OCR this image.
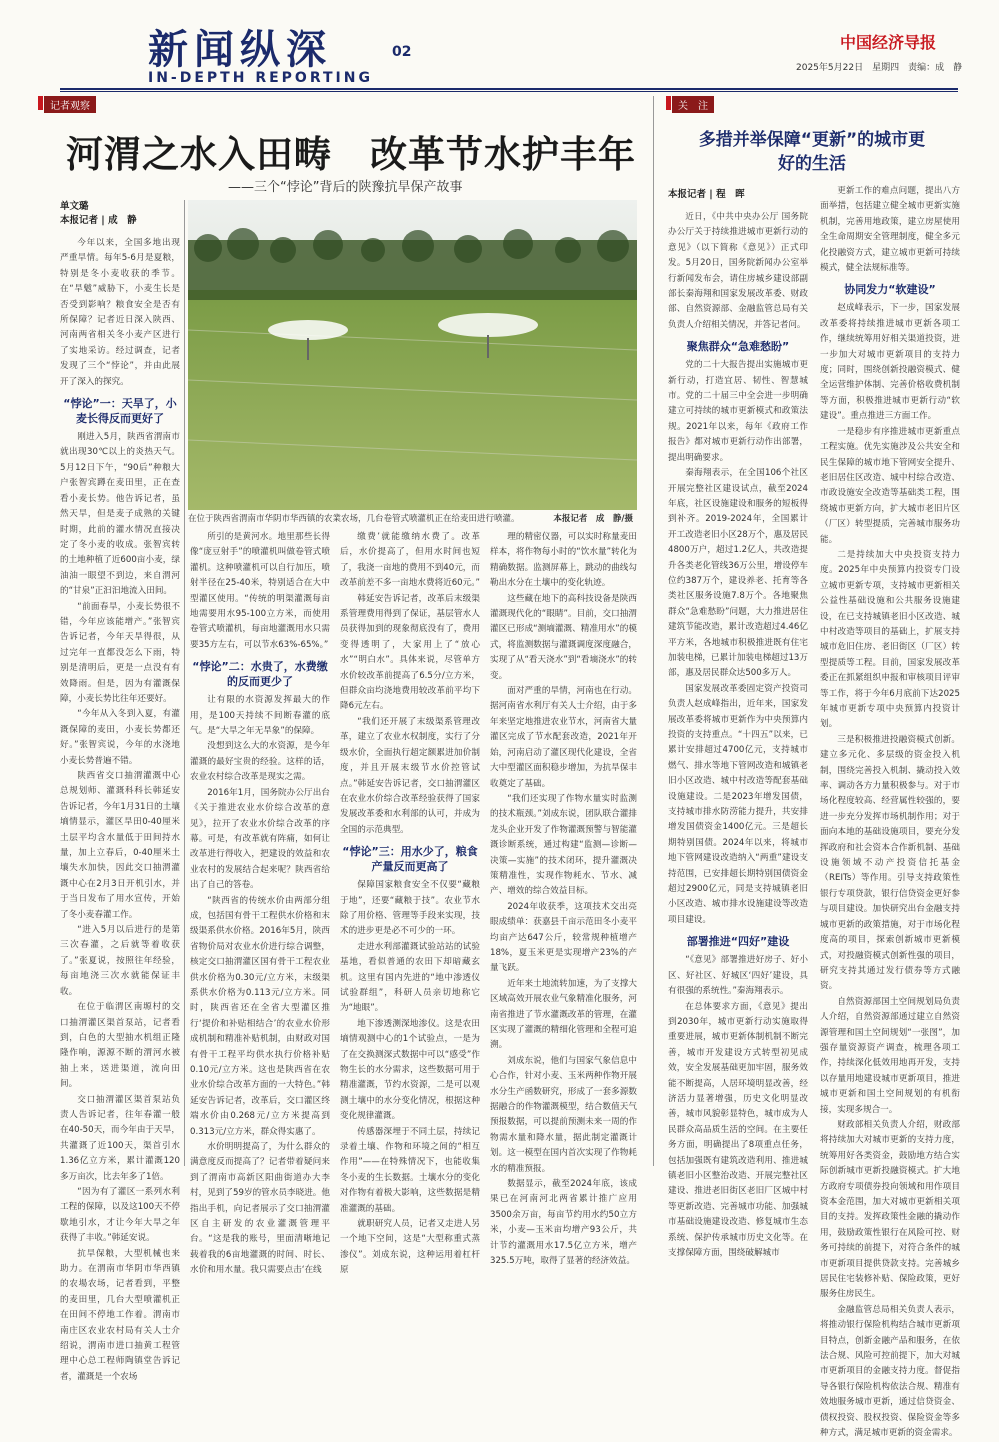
新闻纵深	02
IN-DEPTH REPORTING
中国经济导报
2025年5月22日　星期四　责编：成　静
记者观察
河渭之水入田畴　改革节水护丰年
——三个“悖论”背后的陕豫抗旱保产故事
在位于陕西省渭南市华阴市华西镇的农業农场，几台卷管式喷灌机正在给麦田进行喷灌。	本报记者　成　静/摄
单文璐
本报记者 | 成　静

今年以来，全国多地出现严重旱情。每年5-6月是夏粮，特别是冬小麦收获的季节。在“旱魃”威胁下，小麦生长是否受到影响？粮食安全是否有所保障？记者近日深入陕西、河南两省相关冬小麦产区进行了实地采访。经过调查，记者发现了三个“悖论”，并由此展开了深入的探究。

“悖论”一：天旱了，小麦长得反而更好了

刚进入5月，陕西省渭南市就出现30℃以上的炎热天气。5月12日下午，“90后”种粮大户张智宾蹲在麦田里，正在查看小麦长势。他告诉记者，虽然天旱，但是麦子成熟的关键时期，此前的灌水情况直接决定了冬小麦的收成。张智宾转的土地种植了近600亩小麦，绿油油一眼望不到边，来自渭河的“甘泉”正汩汩地流入田间。

“前面春旱，小麦长势很不错，今年应该能增产。”张智宾告诉记者，今年天旱得很，从过完年一直都没怎么下雨，特别是清明后，更是一点没有有效降雨。但是，因为有灌溉保障，小麦长势比往年还要好。

“今年从入冬到入夏，有灌溉保障的麦田，小麦长势都还好。”张智宾说，今年的水浇地小麦长势普遍不错。

陕西省交口抽渭灌溉中心总规划师、灌溉科科长韩延安告诉记者，今年1月31日的土壤墒情显示，灌区旱田0-40厘米土层平均含水量低于田间持水量，加上立春后，0-40厘米土壤失水加快，因此交口抽渭灌溉中心在2月3日开机引水，并于当日发布了用水宣传，开始了冬小麦春灌工作。

“进入5月以后进行的是第三次春灌，之后就等着收获了。”张夏说，按照往年经验，每亩地浇三次水就能保证丰收。

在位于临渭区南塬村的交口抽渭灌区渠首泵站，记者看到，白色的大型抽水机组正隆隆作响，源源不断的渭河水被抽上来，送进渠道，流向田间。

交口抽渭灌区渠首泵站负责人告诉记者，往年春灌一般在40-50天，而今年由于天旱，共灌溉了近100天，渠首引水1.36亿立方米，累计灌溉120多万亩次，比去年多了1倍。

“因为有了灌区一系列水利工程的保障，以及这100天不停歇地引水，才让今年大旱之年获得了丰收。”韩延安说。

抗旱保粮，大型机械也来助力。在渭南市华阴市华西镇的农場农场，记者看到，平整的麦田里，几台大型喷灌机正在田间不停地工作着。渭南市南庄区农业农村局有关人士介绍说，渭南市进口抽黄工程管理中心总工程师陶镇堂告诉记者，灌溉是一个农场

所引的是黄河水。地里那些长得像“庞豆射手”的喷灌机叫做卷管式喷灌机。这种喷灌机可以自行加压，喷射半径在25-40米，特别适合在大中型灌区使用。“传统的明渠灌溉每亩地需要用水95-100立方米，而使用卷管式喷灌机，每亩地灌溉用水只需要35方左右，可以节水63%-65%。”

“悖论”二：水贵了，水费缴的反而更少了

让有限的水资源发挥最大的作用，是100天持续不间断春灌的底气。是“大旱之年无旱象”的保障。

没想到这么大的水资源，是今年灌溉的最好宝贵的经验。这样的话，农业农村综合改革是现实之需。

2016年1月，国务院办公厅出台《关于推进农业水价综合改革的意见》，拉开了农业水价综合改革的序幕。可是，有改革就有阵痛，如何让改革进行得收入，把建设的效益和农业农村的发展结合起来呢？陕西省给出了自己的答卷。

“陕西省的传统水价由两部分组成，包括国有骨干工程供水价格和末级渠系供水价格。2016年5月，陕西省物价局对农业水价进行综合调整，核定交口抽渭灌区国有骨干工程农业供水价格为0.30元/立方米，末级渠系供水价格为0.113元/立方米。同时，陕西省还在全省大型灌区推行‘提价和补贴相结合’的农业水价形成机制和精准补贴机制，由财政对国有骨干工程平均供水执行价格补贴0.10元/立方米。这也是陕西省在农业水价综合改革方面的一大特色。”韩延安告诉记者，改革后，交口灌区终端水价由0.268元/立方米提高到0.313元/立方米，群众得实惠了。

水价明明提高了，为什么群众的满意度反而提高了？记者带着疑问来到了渭南市高新区阳曲街道办大李村，见到了59岁的管水员李晓进。他指出手机，向记者展示了交口抽渭灌区自主研发的农业灌溉管理平台。“这是我的账号，里面清晰地记载着我的6亩地灌溉的时间、时长、水价和用水量。我只需要点击‘在线

缴费’就能缴纳水费了。改革后，水价提高了，但用水时间也短了，我浇一亩地的费用不到40元，而改革前差不多一亩地水费将近60元。”

韩延安告诉记者，改革后末级渠系管理费用得到了保证，基层管水人员获得加到的现象彻底没有了，费用变得透明了，大家用上了“放心水”“明白水”。具体来说，尽管单方水价较改革前提高了6.5分/立方米，但群众亩均浇地费用较改革前平均下降6元左右。

“我们还开展了末级渠系管理改革，建立了农业水权制度，实行了分级水价，全面执行超定额累进加价制度，并且开展末级节水价控管试点。”韩延安告诉记者，交口抽渭灌区在农业水价综合改革经验获得了国家发展改革委和水利部的认可，并成为全国的示范典型。

“悖论”三：用水少了，粮食产量反而更高了

保障国家粮食安全不仅要“藏粮于地”，还要“藏粮于技”。农业节水除了用价格、管理等手段来实现，技术的进步更是必不可少的一环。

走进水利部灌溉试验站站的试验基地，看似普通的农田下却暗藏玄机。这里有国内先进的“地中渗透仪试验群组”，科研人员亲切地称它为“地眼”。

地下渗透测深地渗仪。这是农田墒情观测中心的1个试验点，一是为了在交换测深式数据中可以“感受”作物生长的水分需求，这些数据可用于精准灌溉，节约水资源，二是可以观测土壤中的水分变化情况，根据这种变化规律灌溉。

传感器深埋于不同土层，持续记录着土壤、作物和环境之间的“相互作用”——在特殊情况下，也能收集冬小麦的生长数据。土壤水分的变化对作物有着极大影响，这些数据是精准灌溉的基础。

就职研究人员，记者又走进人另一个地下空间，这是“大型称重式蒸渗仪”。刘成东说，这种运用着杠杆原

理的精密仪器，可以实时称量麦田样本，将作物每小时的“饮水量”转化为精确数据。监测屏幕上，跳动的曲线勾勒出水分在土壤中的变化轨迹。

这些藏在地下的高科技设备是陕西灌溉现代化的“眼睛”。目前，交口抽渭灌区已形成“测墒灌溉、精准用水”的模式，将监测数据与灌溉调度深度融合，实现了从“看天浇水”到“看墒浇水”的转变。

面对严重的旱情，河南也在行动。据河南省水利厅有关人士介绍，由于多年来坚定地推进农业节水，河南省大量灌区完成了节水配套改造，2021年开始，河南启动了灌区现代化建设，全省大中型灌区面积稳步增加，为抗旱保丰收奠定了基础。

“我们还实现了作物水量实时监测的技术瓶颈。”刘成东说，团队联合灌排龙头企业开发了作物灌溉预警与智能灌溉诊断系统，通过构建“监测—诊断—决策—实施”的技术闭环，提升灌溉决策精准性，实现作物耗水、节水、减产、增效的综合效益目标。

2024年收获季，这项技术交出亮眼成绩单：获嘉县千亩示范田冬小麦平均亩产达647公斤，较常规种植增产18%，夏玉米更是实现增产23%的产量飞跃。

近年来土地流转加速，为了支撑大区域高效开展农业气象精准化服务，河南省推进了节水灌溉改革的管理，在灌区实现了灌溉的精细化管理和全程可追溯。

刘成东说，他们与国家气象信息中心合作，针对小麦、玉米两种作物开展水分生产函数研究，形成了一套多源数据融合的作物灌溉模型，结合数值天气预报数据，可以提前预测未来一周的作物需水量和降水量，据此制定灌溉计划。这一模型在国内首次实现了作物耗水的精准预报。

数据显示，截至2024年底，该成果已在河南河北两省累计推广应用3500余万亩，每亩节约用水约50立方米，小麦—玉米亩均增产93公斤，共计节约灌溉用水17.5亿立方米，增产325.5万吨，取得了显著的经济效益。

关　注
多措并举保障“更新”的城市更好的生活
本报记者 | 程　晖

近日，《中共中央办公厅 国务院办公厅关于持续推进城市更新行动的意见》（以下简称《意见》）正式印发。5月20日，国务院新闻办公室举行新闻发布会，请住房城乡建设部副部长秦海翔和国家发展改革委、财政部、自然资源部、金融监管总局有关负责人介绍相关情况，并答记者问。

聚焦群众“急难愁盼”

党的二十大报告提出实施城市更新行动，打造宜居、韧性、智慧城市。党的二十届三中全会进一步明确建立可持续的城市更新模式和政策法规。2021年以来，每年《政府工作报告》都对城市更新行动作出部署，提出明确要求。

秦海翔表示，在全国106个社区开展完整社区建设试点，截至2024年底，社区设施建设和服务的短板得到补齐。2019-2024年，全国累计开工改造老旧小区28万个，惠及居民4800万户，超过1.2亿人，共改造提升各类老化管线36万公里，增设停车位约387万个，建设养老、托育等各类社区服务设施7.8万个。各地聚焦群众“急难愁盼”问题，大力推进居住建筑节能改造，累计改造超过4.46亿平方米，各地城市积极推进既有住宅加装电梯，已累计加装电梯超过13万部，惠及居民群众达500多万人。

国家发展改革委固定资产投资司负责人赵成峰指出，近年来，国家发展改革委将城市更新作为中央预算内投资的支持重点。“十四五”以来，已累计安排超过4700亿元，支持城市燃气、排水等地下管网改造和城镇老旧小区改造、城中村改造等配套基础设施建设。二是2023年增发国债，支持城市排水防涝能力提升，共安排增发国债资金1400亿元。三是超长期特别国债。2024年以来，将城市地下管网建设改造纳入“两重”建设支持范围，已安排超长期特别国债资金超过2900亿元，同是支持城镇老旧小区改造、城市排水设施建设等改造项目建设。

部署推进“四好”建设

“《意见》部署推进好房子、好小区、好社区、好城区‘四好’建设，具有很强的系统性。”秦海翔表示。

在总体要求方面，《意见》提出到2030年，城市更新行动实施取得重要进展，城市更新体制机制不断完善，城市开发建设方式转型初见成效，安全发展基础更加牢固，服务效能不断提高，人居环境明显改善，经济活力显著增强，历史文化明显改善，城市风貌彰显特色，城市成为人民群众高品质生活的空间。在主要任务方面，明确提出了8项重点任务，包括加强既有建筑改造利用、推进城镇老旧小区整治改造、开展完整社区建设、推进老旧街区老旧厂区城中村等更新改造、完善城市功能、加强城市基础设施建设改造、修复城市生态系统、保护传承城市历史文化等。在支撑保障方面，围绕破解城市

更新工作的难点问题，提出八方面举措，包括建立健全城市更新实施机制，完善用地政策，建立房屋使用全生命周期安全管理制度，健全多元化投融资方式，建立城市更新可持续模式，健全法规标准等。

协同发力“软建设”

赵成峰表示，下一步，国家发展改革委将持续推进城市更新各项工作，继续统筹用好相关渠道投资，进一步加大对城市更新项目的支持力度；同时，围绕创新投融资模式、健全运营维护体制、完善价格收费机制等方面，积极推进城市更新行动“软建设”。重点推进三方面工作。

一是稳步有序推进城市更新重点工程实施。优先实施涉及公共安全和民生保障的城市地下管网安全提升、老旧居住区改造、城中村综合改造、市政设施安全改造等基础类工程，围绕城市更新方向，扩大城市老旧片区（厂区）转型提质，完善城市服务功能。

二是持续加大中央投资支持力度。2025年中央预算内投资专门设立城市更新专项，支持城市更新相关公益性基础设施和公共服务设施建设，在已支持城镇老旧小区改造、城中村改造等项目的基础上，扩展支持城市危旧住房、老旧街区（厂区）转型提质等工程。目前，国家发展改革委正在抓紧组织申报和审核项目评审等工作，将于今年6月底前下达2025年城市更新专项中央预算内投资计划。

三是积极推进投融资模式创新。建立多元化、多层级的资金投入机制，围绕完善投入机制、撬动投入效率、调动各方力量积极参与。对于市场化程度较高、经营属性较强的，要进一步充分发挥市场机制作用；对于面向本地的基础设施项目，要充分发挥政府和社会资本合作新机制、基础设施领域不动产投资信托基金（REITs）等作用。引导支持政策性银行专项贷款，银行信贷资金更好参与项目建设。加快研究出台金融支持城市更新的政策措施，对于市场化程度高的项目，探索创新城市更新模式，对投融资模式创新性强的项目，研究支持其通过发行债券等方式融资。

自然资源部国土空间规划局负责人介绍，自然资源部通过建立自然资源管理和国土空间规划“一张图”，加强存量资源资产调查，梳理各项工作，持续深化低效用地再开发，支持以存量用地建设城市更新项目，推进城市更新和国土空间规划的有机衔接，实现多规合一。

财政部相关负责人介绍，财政部将持续加大对城市更新的支持力度，统筹用好各类资金，鼓励地方结合实际创新城市更新投融资模式。扩大地方政府专项债券投向领域和用作项目资本金范围，加大对城市更新相关项目的支持。发挥政策性金融的撬动作用，鼓励政策性银行在风险可控、财务可持续的前提下，对符合条件的城市更新项目提供贷款支持。完善城乡居民住宅装修补贴、保险政策，更好服务住房民生。

金融监管总局相关负责人表示，将推动银行保险机构结合城市更新项目特点，创新金融产品和服务，在依法合规、风险可控前提下，加大对城市更新项目的金融支持力度。督促指导各银行保险机构依法合规、精准有效地服务城市更新，通过信贷资金、债权投资、股权投资、保险资金等多种方式，满足城市更新的资金需求。
